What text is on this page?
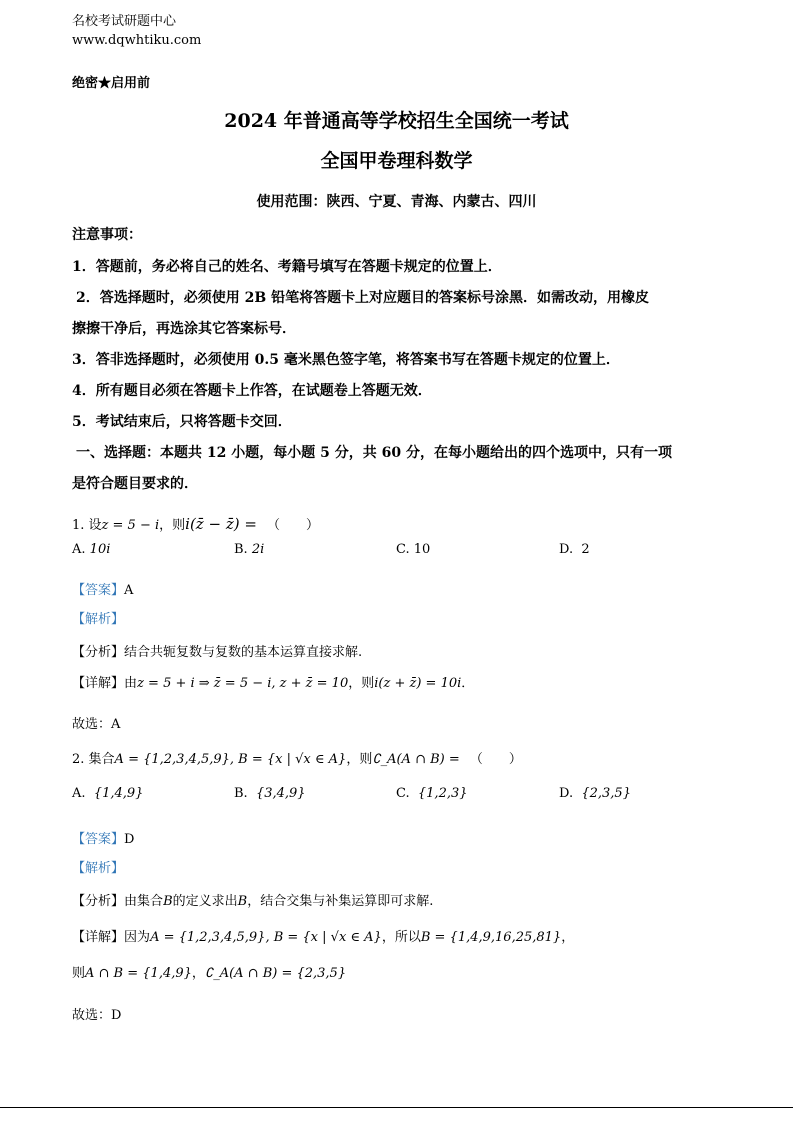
名校考试研题中心
www.dqwhtiku.com
绝密★启用前
2024 年普通高等学校招生全国统一考试
全国甲卷理科数学
使用范围：陕西、宁夏、青海、内蒙古、四川
注意事项：
1．答题前，务必将自己的姓名、考籍号填写在答题卡规定的位置上．
2．答选择题时，必须使用 2B 铅笔将答题卡上对应题目的答案标号涂黑．如需改动，用橡皮
擦擦干净后，再选涂其它答案标号．
3．答非选择题时，必须使用 0.5 毫米黑色签字笔，将答案书写在答题卡规定的位置上．
4．所有题目必须在答题卡上作答，在试题卷上答题无效．
5．考试结束后，只将答题卡交回．
一、选择题：本题共 12 小题，每小题 5 分，共 60 分，在每小题给出的四个选项中，只有一项
是符合题目要求的．
1. 设z = 5 − i，则i(z̄ − z̄) = （　　）
A. 10i	B. 2i	C. 10	D. 2
【答案】A
【解析】
【分析】结合共轭复数与复数的基本运算直接求解.
【详解】由z = 5 + i ⇒ z̄ = 5 − i, z + z̄ = 10，则i(z + z̄) = 10i．
故选：A
2. 集合A = {1,2,3,4,5,9}, B = {x | √x ∈ A}，则∁_A(A ∩ B) = （　　）
A. {1,4,9}	B. {3,4,9}	C. {1,2,3}	D. {2,3,5}
【答案】D
【解析】
【分析】由集合B的定义求出B，结合交集与补集运算即可求解.
【详解】因为A = {1,2,3,4,5,9}, B = {x | √x ∈ A}，所以B = {1,4,9,16,25,81}，
则A ∩ B = {1,4,9}，∁_A(A ∩ B) = {2,3,5}
故选：D
